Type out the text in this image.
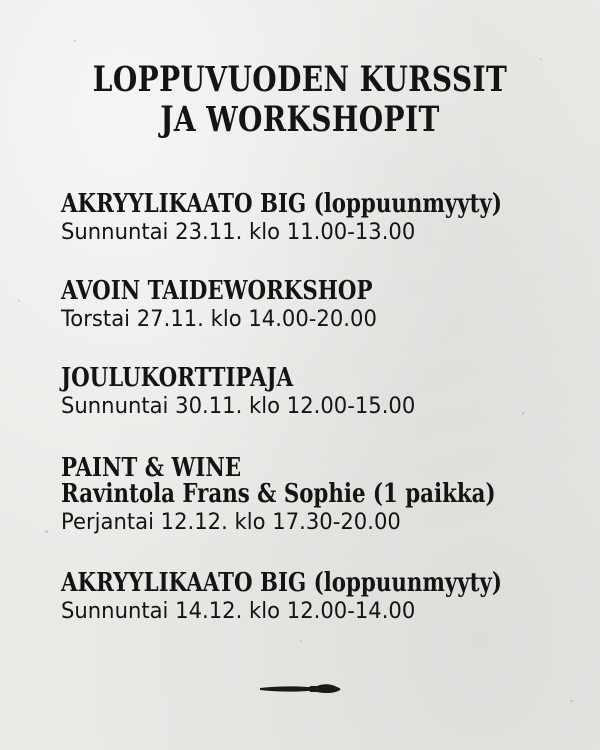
LOPPUVUODEN KURSSIT
JA WORKSHOPIT
AKRYYLIKAATO BIG (loppuunmyyty)
Sunnuntai 23.11. klo 11.00-13.00
AVOIN TAIDEWORKSHOP
Torstai 27.11. klo 14.00-20.00
JOULUKORTTIPAJA
Sunnuntai 30.11. klo 12.00-15.00
PAINT & WINE
Ravintola Frans & Sophie (1 paikka)
Perjantai 12.12. klo 17.30-20.00
AKRYYLIKAATO BIG (loppuunmyyty)
Sunnuntai 14.12. klo 12.00-14.00
